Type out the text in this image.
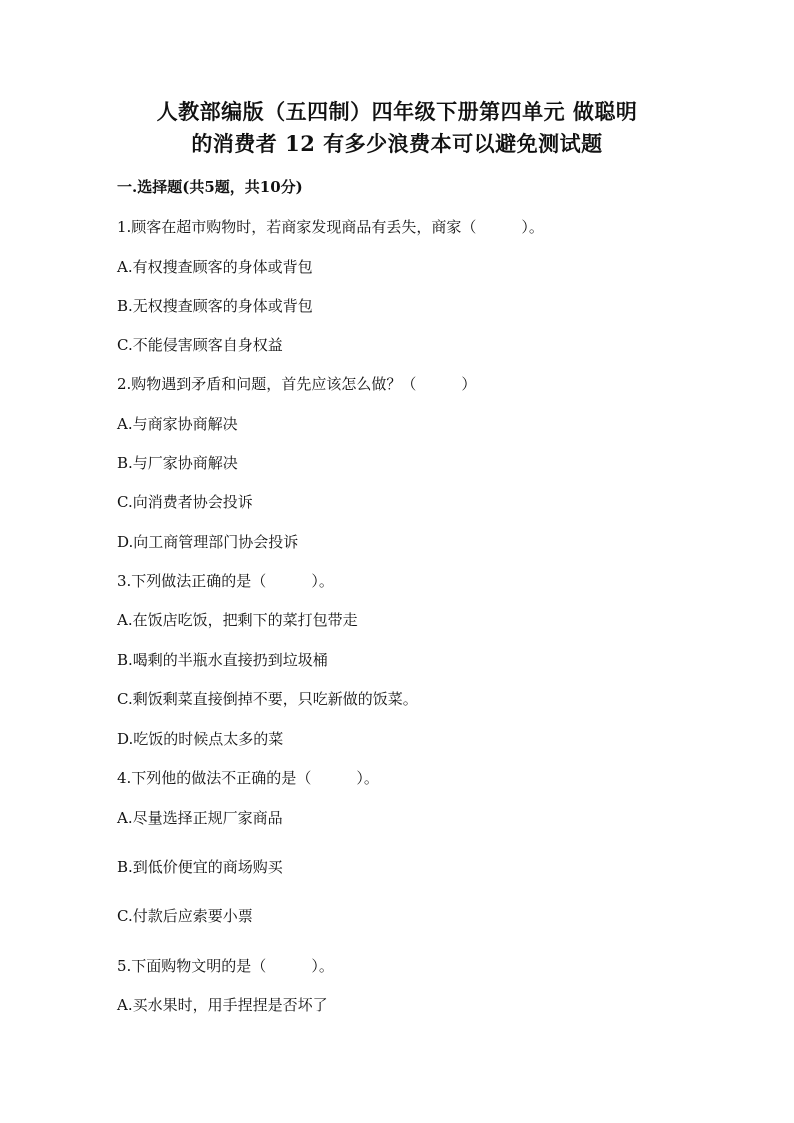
人教部编版（五四制）四年级下册第四单元 做聪明
的消费者 12 有多少浪费本可以避免测试题
一.选择题(共5题，共10分)
1.顾客在超市购物时，若商家发现商品有丢失，商家（　　　）。
A.有权搜查顾客的身体或背包
B.无权搜查顾客的身体或背包
C.不能侵害顾客自身权益
2.购物遇到矛盾和问题，首先应该怎么做？（　　　）
A.与商家协商解决
B.与厂家协商解决
C.向消费者协会投诉
D.向工商管理部门协会投诉
3.下列做法正确的是（　　　）。
A.在饭店吃饭，把剩下的菜打包带走
B.喝剩的半瓶水直接扔到垃圾桶
C.剩饭剩菜直接倒掉不要，只吃新做的饭菜。
D.吃饭的时候点太多的菜
4.下列他的做法不正确的是（　　　）。
A.尽量选择正规厂家商品
B.到低价便宜的商场购买
C.付款后应索要小票
5.下面购物文明的是（　　　）。
A.买水果时，用手捏捏是否坏了
